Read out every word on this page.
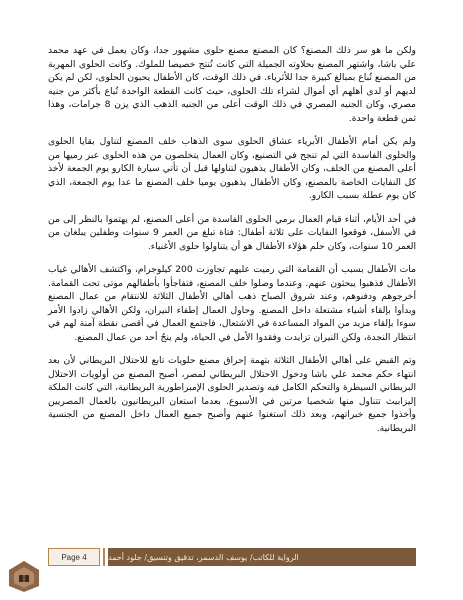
ولكن ما هو سر ذلك المصنع؟ كان المصنع مصنع حلوى مشهور جدا، وكان يعمل في عهد محمد علي باشا، واشتهر المصنع بحلاوته الجميلة التي كانت تُنتج خصيصا للملوك. وكانت الحلوى المهربة من المصنع تُباع بمبالغ كبيرة جدا للأثرياء. في ذلك الوقت، كان الأطفال يحبون الحلوى، لكن لم يكن لديهم أو لدى أهلهم أي أموال لشراء تلك الحلوى، حيث كانت القطعة الواحدة تُباع بأكثر من جنيه مصري، وكان الجنيه المصري في ذلك الوقت أعلى من الجنيه الذهب الذي يزن 8 جرامات، وهذا ثمن قطعة واحدة.

ولم يكن أمام الأطفال الأبرياء عشاق الحلوى سوى الذهاب خلف المصنع لتناول بقايا الحلوى والحلوى الفاسدة التي لم تنجح في التصنيع، وكان العمال يتخلصون من هذه الحلوى عبر رميها من أعلى المصنع من الخلف، وكان الأطفال يذهبون لتناولها قبل أن تأتي سيارة الكارو يوم الجمعة لأخذ كل النفايات الخاصة بالمصنع، وكان الأطفال يذهبون يوميا خلف المصنع ما عدا يوم الجمعة، الذي كان يوم عطلة بسبب الكارو.

في أحد الأيام، أثناء قيام العمال برمي الحلوى الفاسدة من أعلى المصنع، لم يهتموا بالنظر إلى من في الأسفل، فوقعوا النفايات على ثلاثة أطفال: فتاة تبلغ من العمر 9 سنوات وطفلين يبلغان من العمر 10 سنوات، وكان حلم هؤلاء الأطفال هو أن يتناولوا حلوى الأغنياء.

مات الأطفال بسبب أن القمامة التي رميت عليهم تجاوزت 200 كيلوجرام، واكتشف الأهالي غياب الأطفال فذهبوا يبحثون عنهم. وعندما وصلوا خلف المصنع، فتفاجأوا بأطفالهم موتى تحت القمامة. أخرجوهم ودفنوهم، وعند شروق الصباح ذهب أهالي الأطفال الثلاثة للانتقام من عمال المصنع وبدأوا بإلقاء أشياء مشتعلة داخل المصنع. وحاول العمال إطفاء النيران، ولكن الأهالي زادوا الأمر سوءا بإلقاء مزيد من المواد المساعدة في الاشتعال، فاجتمع العمال في أقصى نقطة آمنة لهم في انتظار النجدة، ولكن النيران تزايدت وفقدوا الأمل في الحياة، ولم ينجُ أحد من عمال المصنع.

وتم القبض على أهالي الأطفال الثلاثة بتهمة إحراق مصنع حلويات تابع للاحتلال البريطاني لأن بعد انتهاء حكم محمد علي باشا ودخول الاحتلال البريطاني لمصر، أصبح المصنع من أولويات الاحتلال البريطاني السيطرة والتحكم الكامل فيه وتصدير الحلوى الإمبراطورية البريطانية، التي كانت الملكة إليزابيث تتناول منها شخصيا مرتين في الأسبوع. بعدما استعان البريطانيون بالعمال المصريين وأخذوا جميع خبراتهم، وبعد ذلك استغنوا عنهم وأصبح جميع العمال داخل المصنع من الجنسية البريطانية.

Page 4	الرواية للكاتب/ يوسف الدسمر، تدقيق وتنسيق/ جلود أحمد
